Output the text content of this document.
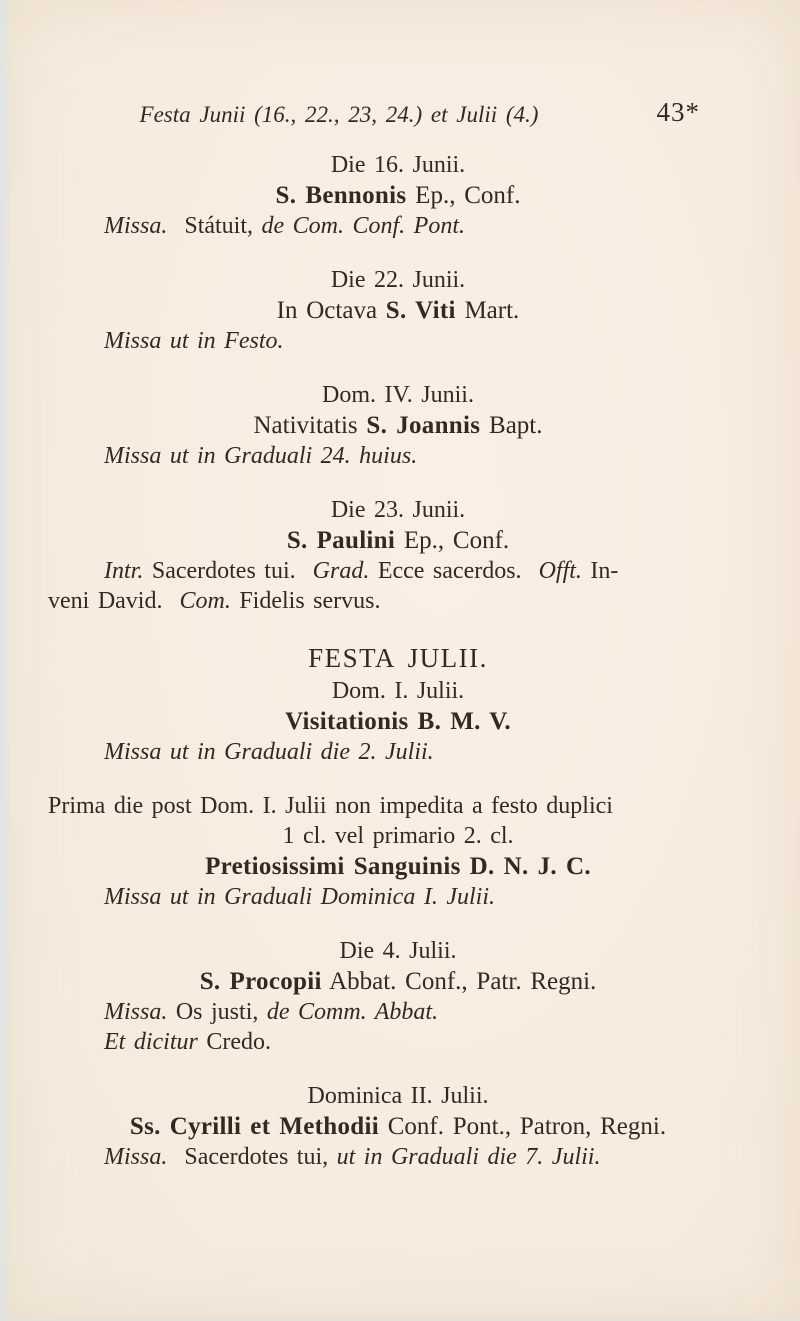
Festa Junii (16., 22., 23, 24.) et Julii (4.)	43*
Die 16. Junii.
S. Bennonis Ep., Conf.
Missa.  Státuit, de Com. Conf. Pont.
Die 22. Junii.
In Octava S. Viti Mart.
Missa ut in Festo.
Dom. IV. Junii.
Nativitatis S. Joannis Bapt.
Missa ut in Graduali 24. huius.
Die 23. Junii.
S. Paulini Ep., Conf.
Intr. Sacerdotes tui.  Grad. Ecce sacerdos.  Offt. In-
veni David.  Com. Fidelis servus.
FESTA JULII.
Dom. I. Julii.
Visitationis B. M. V.
Missa ut in Graduali die 2. Julii.
Prima die post Dom. I. Julii non impedita a festo duplici
1 cl. vel primario 2. cl.
Pretiosissimi Sanguinis D. N. J. C.
Missa ut in Graduali Dominica I. Julii.
Die 4. Julii.
S. Procopii Abbat. Conf., Patr. Regni.
Missa. Os justi, de Comm. Abbat.
Et dicitur Credo.
Dominica II. Julii.
Ss. Cyrilli et Methodii Conf. Pont., Patron, Regni.
Missa.  Sacerdotes tui, ut in Graduali die 7. Julii.
